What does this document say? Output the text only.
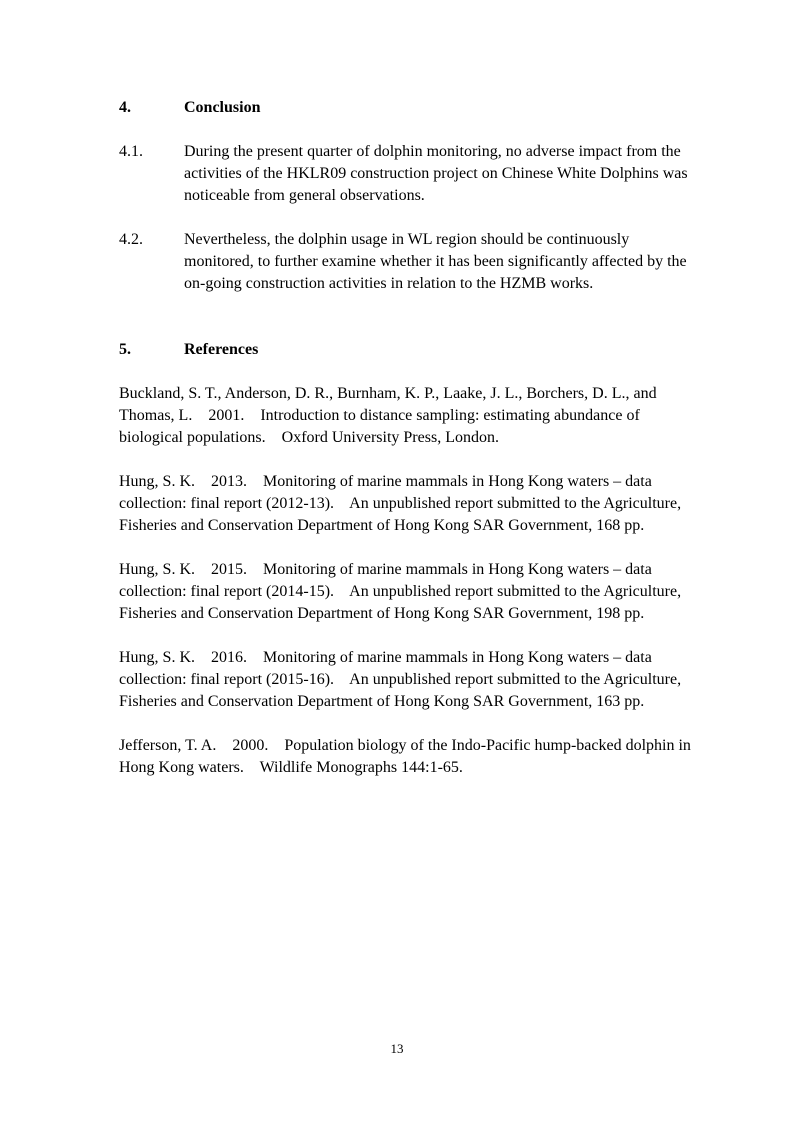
4.	Conclusion
4.1.	During the present quarter of dolphin monitoring, no adverse impact from the activities of the HKLR09 construction project on Chinese White Dolphins was noticeable from general observations.
4.2.	Nevertheless, the dolphin usage in WL region should be continuously monitored, to further examine whether it has been significantly affected by the on-going construction activities in relation to the HZMB works.
5.	References
Buckland, S. T., Anderson, D. R., Burnham, K. P., Laake, J. L., Borchers, D. L., and
Thomas, L.    2001.    Introduction to distance sampling: estimating abundance of
biological populations.    Oxford University Press, London.
Hung, S. K.    2013.    Monitoring of marine mammals in Hong Kong waters – data
collection: final report (2012-13).    An unpublished report submitted to the Agriculture,
Fisheries and Conservation Department of Hong Kong SAR Government, 168 pp.
Hung, S. K.    2015.    Monitoring of marine mammals in Hong Kong waters – data
collection: final report (2014-15).    An unpublished report submitted to the Agriculture,
Fisheries and Conservation Department of Hong Kong SAR Government, 198 pp.
Hung, S. K.    2016.    Monitoring of marine mammals in Hong Kong waters – data
collection: final report (2015-16).    An unpublished report submitted to the Agriculture,
Fisheries and Conservation Department of Hong Kong SAR Government, 163 pp.
Jefferson, T. A.    2000.    Population biology of the Indo-Pacific hump-backed dolphin in
Hong Kong waters.    Wildlife Monographs 144:1-65.
13
